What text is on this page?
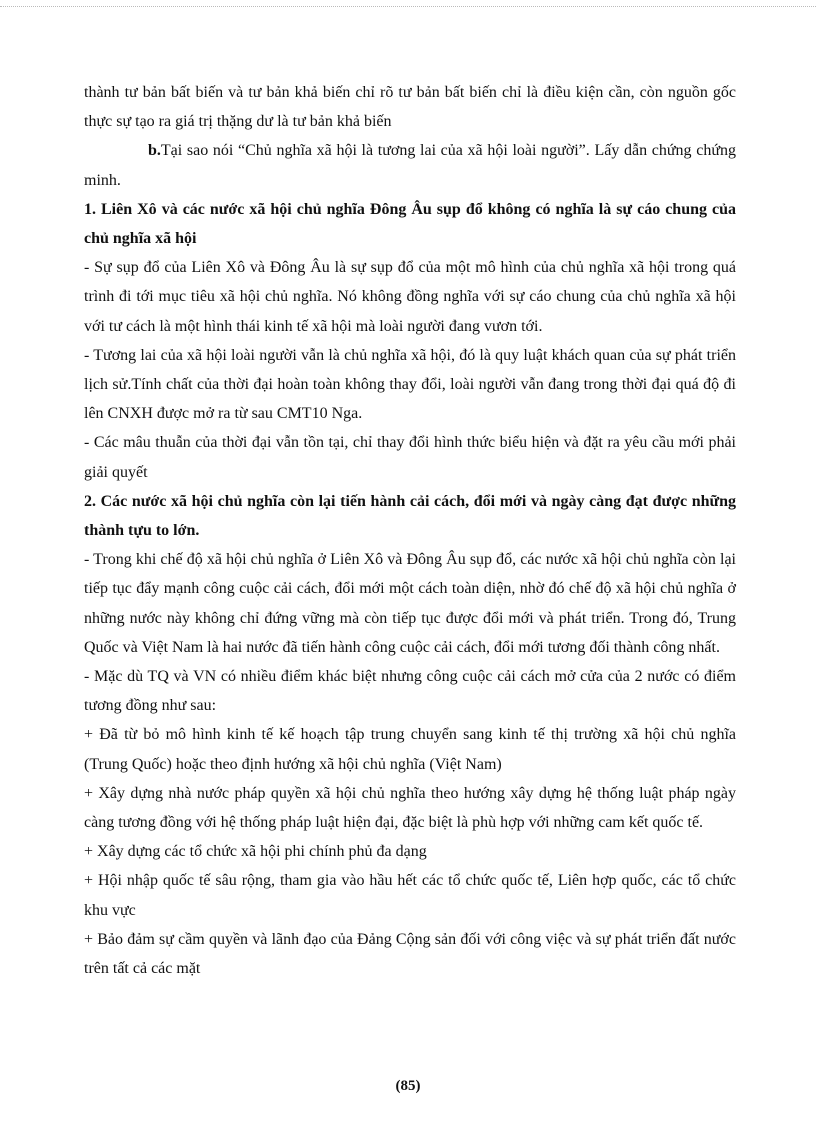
thành tư bản bất biến và tư bản khả biến chỉ rõ tư bản bất biến chỉ là điều kiện cần, còn nguồn gốc thực sự tạo ra giá trị thặng dư là tư bản khả biến

b.Tại sao nói “Chủ nghĩa xã hội là tương lai của xã hội loài người”. Lấy dẫn chứng chứng minh.

1. Liên Xô và các nước xã hội chủ nghĩa Đông Âu sụp đổ không có nghĩa là sự cáo chung của chủ nghĩa xã hội

- Sự sụp đổ của Liên Xô và Đông Âu là sự sụp đổ của một mô hình của chủ nghĩa xã hội trong quá trình đi tới mục tiêu xã hội chủ nghĩa. Nó không đồng nghĩa với sự cáo chung của chủ nghĩa xã hội với tư cách là một hình thái kinh tế xã hội mà loài người đang vươn tới.

- Tương lai của xã hội loài người vẫn là chủ nghĩa xã hội, đó là quy luật khách quan của sự phát triển lịch sử.Tính chất của thời đại hoàn toàn không thay đổi, loài người vẫn đang trong thời đại quá độ đi lên CNXH được mở ra từ sau CMT10 Nga.

- Các mâu thuẫn của thời đại vẫn tồn tại, chỉ thay đổi hình thức biểu hiện và đặt ra yêu cầu mới phải giải quyết

2. Các nước xã hội chủ nghĩa còn lại tiến hành cải cách, đổi mới và ngày càng đạt được những thành tựu to lớn.

- Trong khi chế độ xã hội chủ nghĩa ở Liên Xô và Đông Âu sụp đổ, các nước xã hội chủ nghĩa còn lại tiếp tục đẩy mạnh công cuộc cải cách, đổi mới một cách toàn diện, nhờ đó chế độ xã hội chủ nghĩa ở những nước này không chỉ đứng vững mà còn tiếp tục được đổi mới và phát triển. Trong đó, Trung Quốc và Việt Nam là hai nước đã tiến hành công cuộc cải cách, đổi mới tương đối thành công nhất.

- Mặc dù TQ và VN có nhiều điểm khác biệt nhưng công cuộc cải cách mở cửa của 2 nước có điểm tương đồng như sau:

+ Đã từ bỏ mô hình kinh tế kế hoạch tập trung chuyển sang kinh tế thị trường xã hội chủ nghĩa (Trung Quốc) hoặc theo định hướng xã hội chủ nghĩa (Việt Nam)

+ Xây dựng nhà nước pháp quyền xã hội chủ nghĩa theo hướng xây dựng hệ thống luật pháp ngày càng tương đồng với hệ thống pháp luật hiện đại, đặc biệt là phù hợp với những cam kết quốc tế.

+ Xây dựng các tổ chức xã hội phi chính phủ đa dạng

+ Hội nhập quốc tế sâu rộng, tham gia vào hầu hết các tổ chức quốc tế, Liên hợp quốc, các tổ chức khu vực

+ Bảo đảm sự cầm quyền và lãnh đạo của Đảng Cộng sản đối với công việc và sự phát triển đất nước trên tất cả các mặt

(85)
